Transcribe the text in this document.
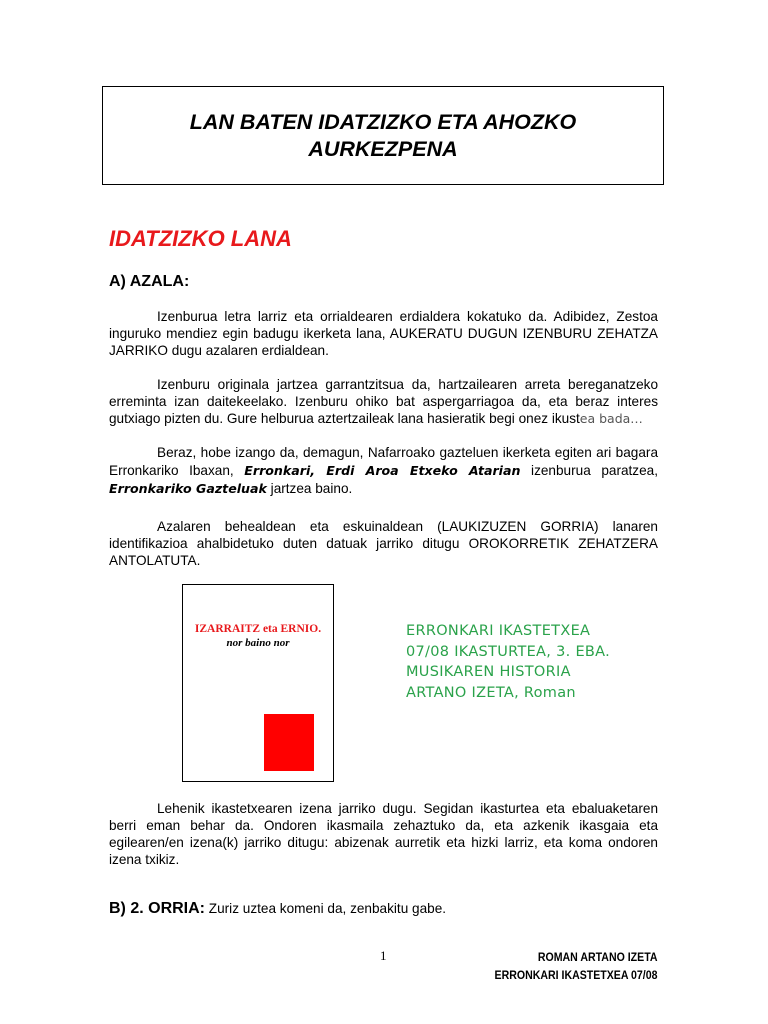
LAN BATEN IDATZIZKO ETA AHOZKO
AURKEZPENA
IDATZIZKO LANA
A) AZALA:
Izenburua letra larriz eta orrialdearen erdialdera kokatuko da. Adibidez, Zestoa inguruko mendiez egin badugu ikerketa lana, AUKERATU DUGUN IZENBURU ZEHATZA JARRIKO dugu azalaren erdialdean.
Izenburu originala jartzea garrantzitsua da, hartzailearen arreta bereganatzeko erreminta izan daitekeelako. Izenburu ohiko bat aspergarriagoa da, eta beraz interes gutxiago pizten du. Gure helburua aztertzaileak lana hasieratik begi onez ikustea bada…
Beraz, hobe izango da, demagun, Nafarroako gazteluen ikerketa egiten ari bagara Erronkariko Ibaxan, Erronkari, Erdi Aroa Etxeko Atarian izenburua paratzea, Erronkariko Gazteluak jartzea baino.
Azalaren behealdean eta eskuinaldean (LAUKIZUZEN GORRIA) lanaren identifikazioa ahalbidetuko duten datuak jarriko ditugu OROKORRETIK ZEHATZERA ANTOLATUTA.
IZARRAITZ eta ERNIO.
nor baino nor
ERRONKARI IKASTETXEA
07/08 IKASTURTEA, 3. EBA.
MUSIKAREN HISTORIA
ARTANO IZETA, Roman
Lehenik ikastetxearen izena jarriko dugu. Segidan ikasturtea eta ebaluaketaren berri eman behar da. Ondoren ikasmaila zehaztuko da, eta azkenik ikasgaia eta egilearen/en izena(k) jarriko ditugu: abizenak aurretik eta hizki larriz, eta koma ondoren izena txikiz.
B) 2. ORRIA: Zuriz uztea komeni da, zenbakitu gabe.
1	ROMAN ARTANO IZETA
ERRONKARI IKASTETXEA 07/08
